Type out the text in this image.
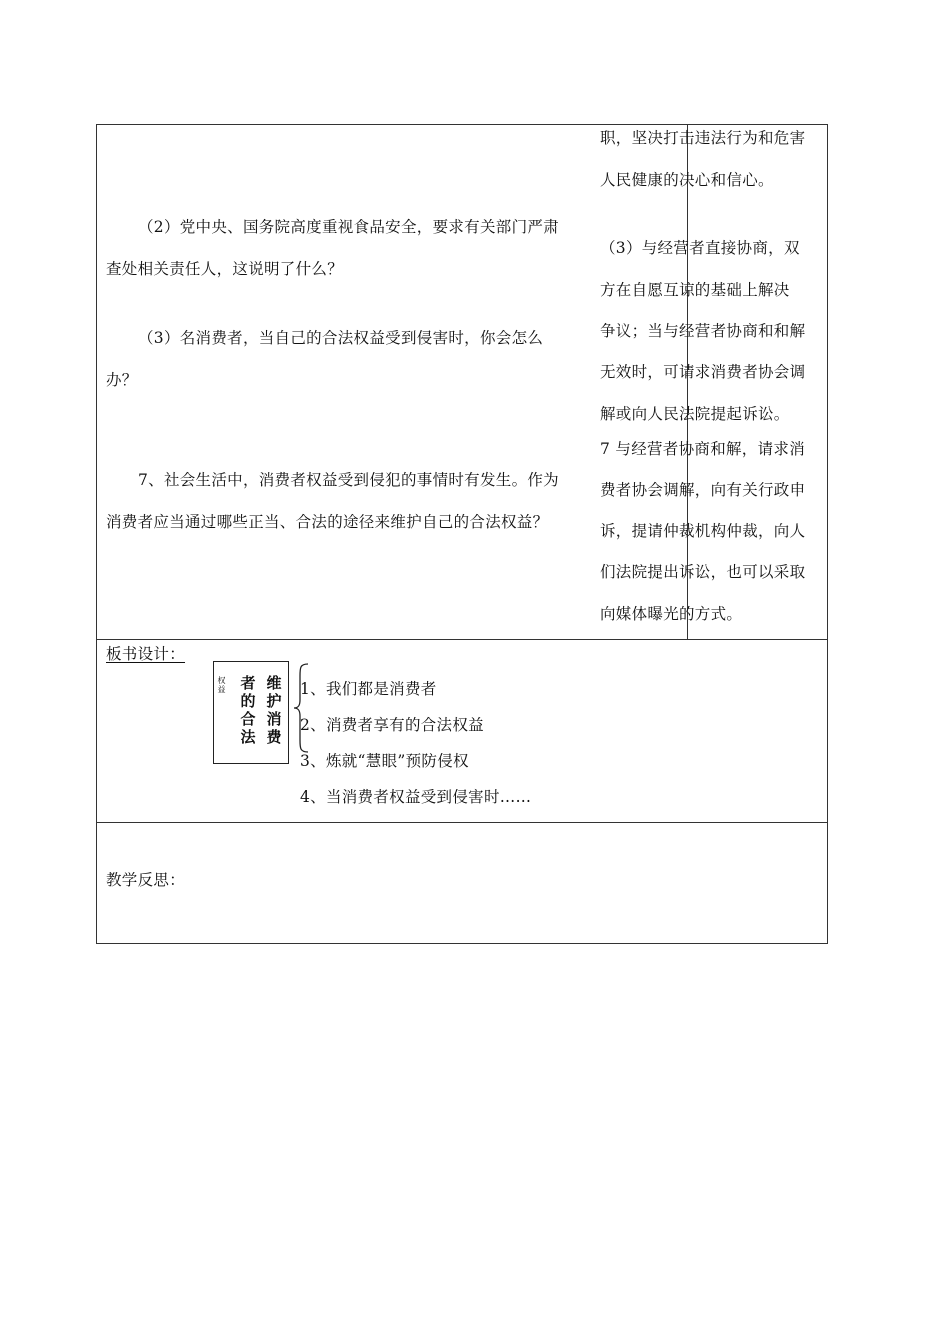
（2）党中央、国务院高度重视食品安全，要求有关部门严肃
查处相关责任人，这说明了什么？
（3）名消费者，当自己的合法权益受到侵害时，你会怎么
办？
7、社会生活中，消费者权益受到侵犯的事情时有发生。作为
消费者应当通过哪些正当、合法的途径来维护自己的合法权益？
职，坚决打击违法行为和危害
人民健康的决心和信心。
（3）与经营者直接协商，双
方在自愿互谅的基础上解决
争议；当与经营者协商和和解
无效时，可请求消费者协会调
解或向人民法院提起诉讼。
7 与经营者协商和解，请求消
费者协会调解，向有关行政申
诉，提请仲裁机构仲裁，向人
们法院提出诉讼，也可以采取
向媒体曝光的方式。
板书设计：
权
益 者
的
合
法
维
护
消
费
1、我们都是消费者
2、消费者享有的合法权益
3、炼就“慧眼”预防侵权
4、当消费者权益受到侵害时……
教学反思：
